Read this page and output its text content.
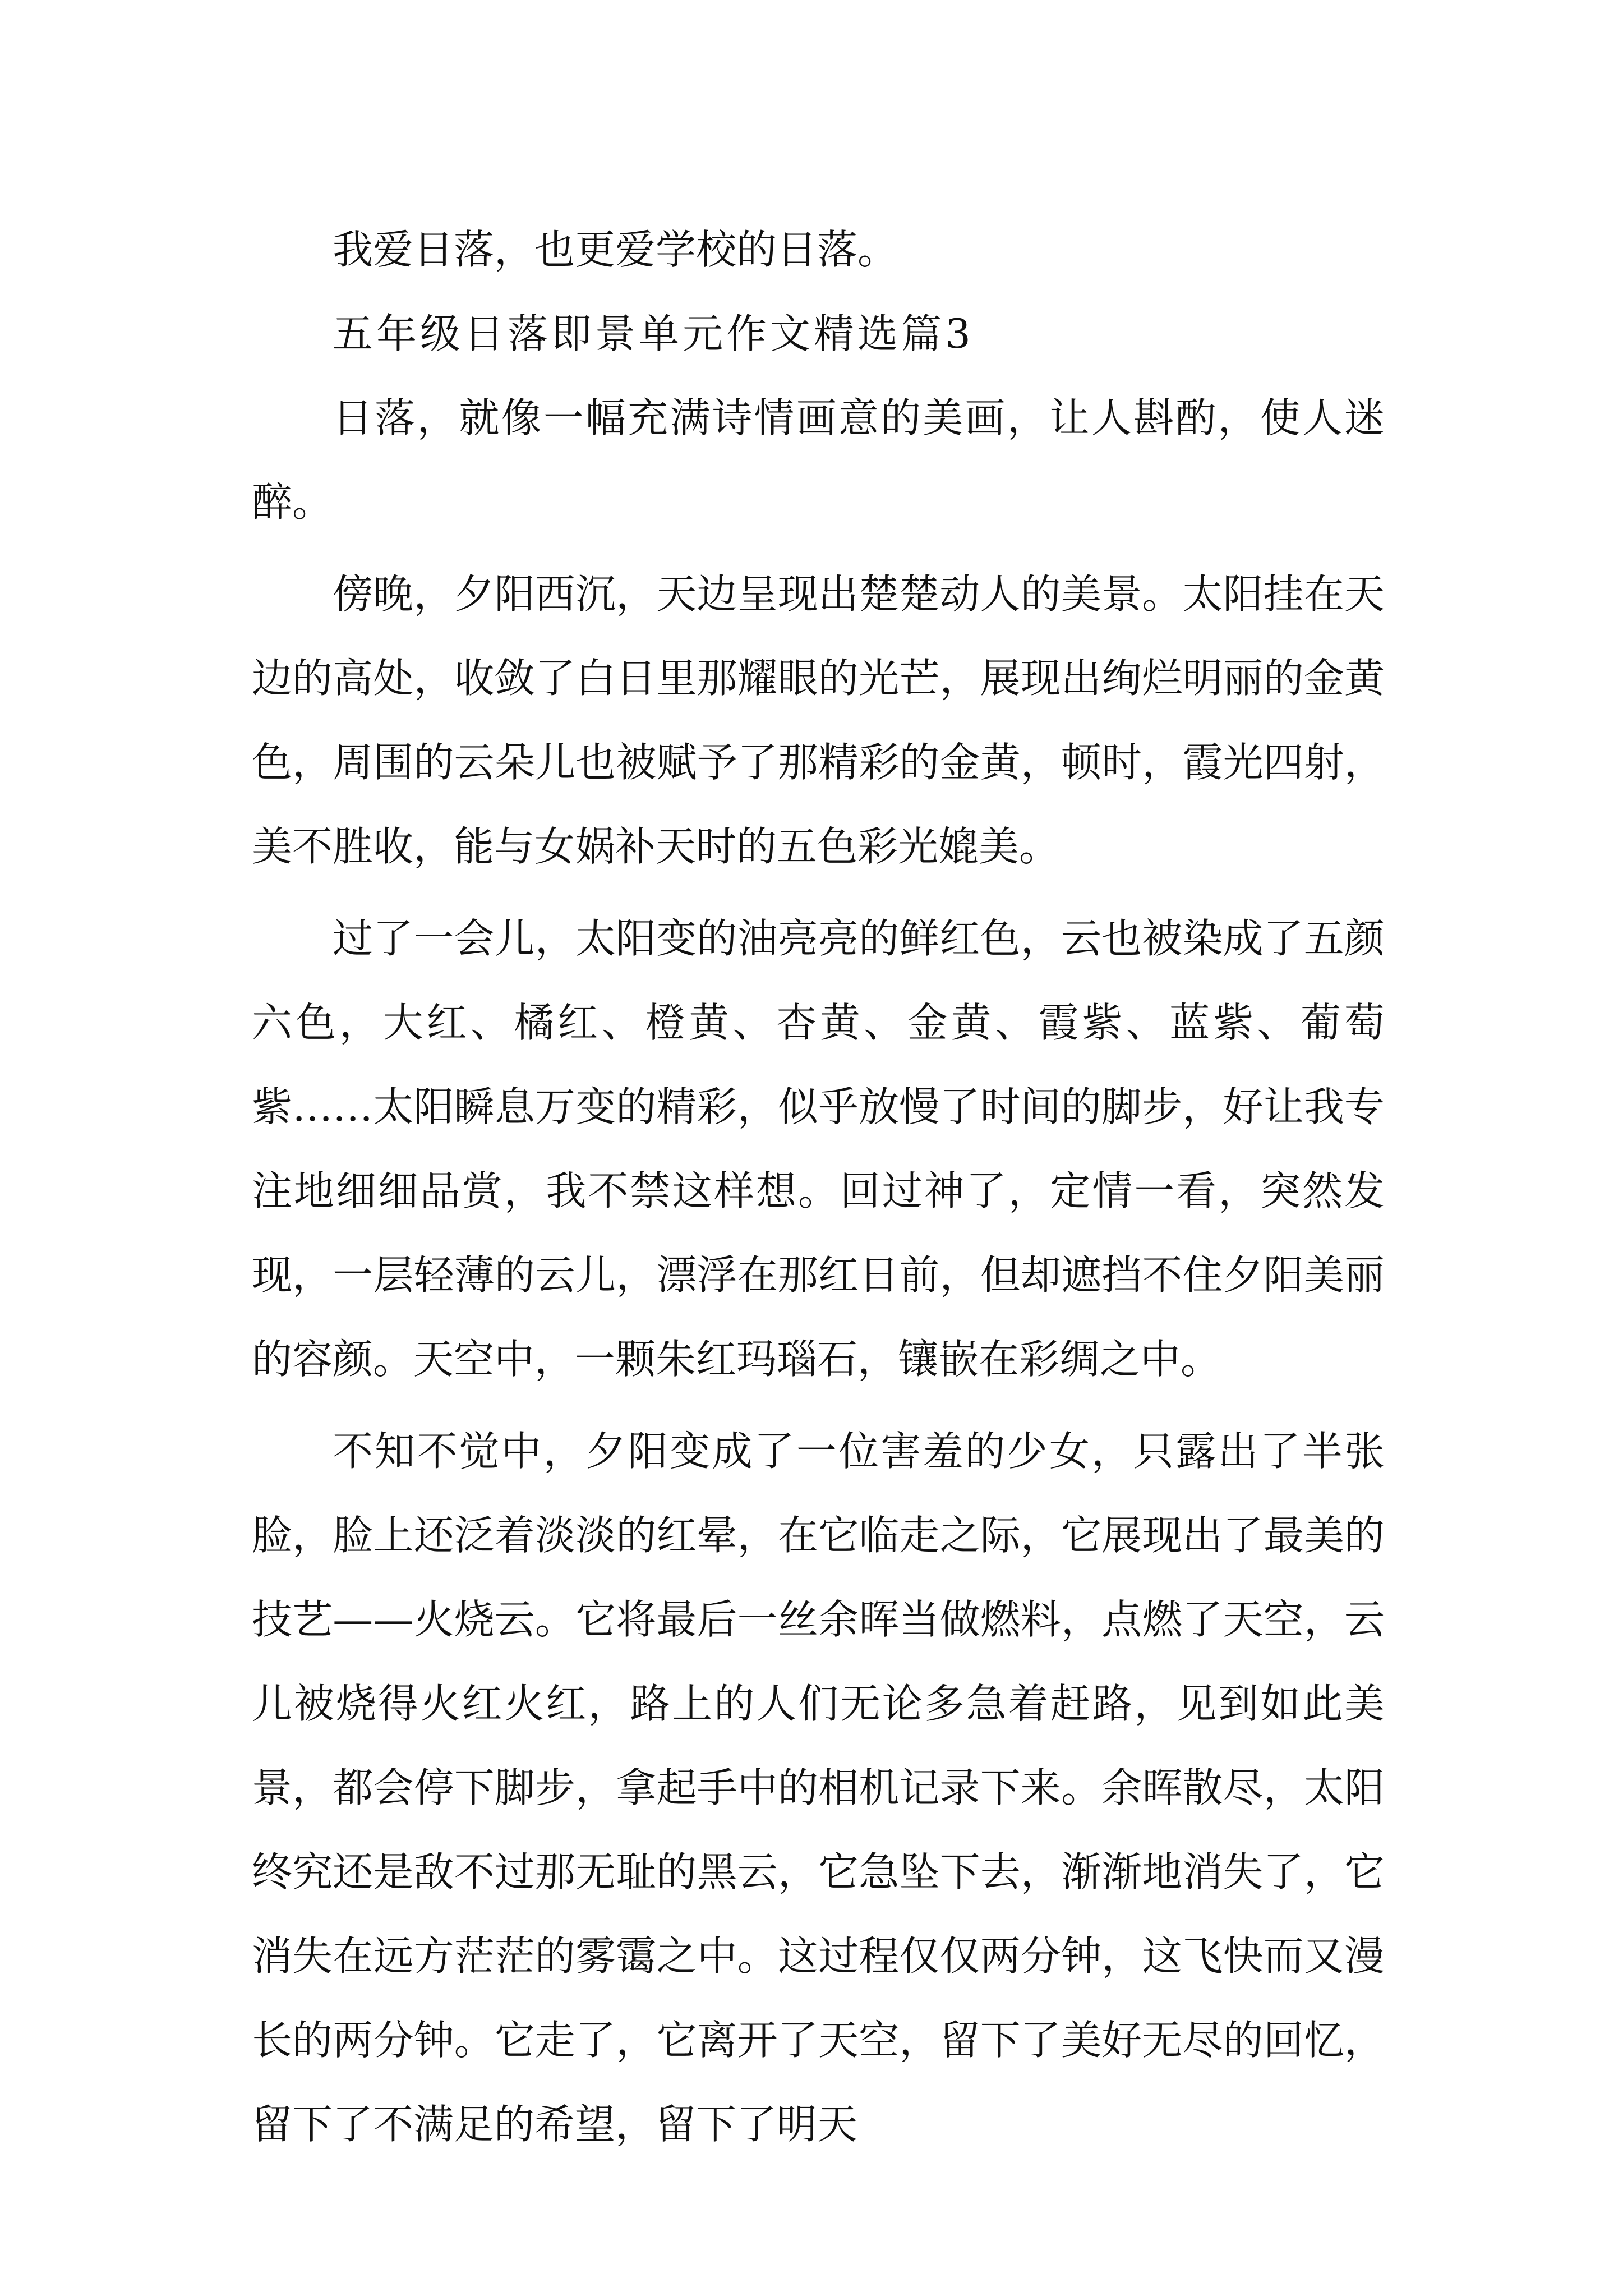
我爱日落，也更爱学校的日落。

五年级日落即景单元作文精选篇3

日落，就像一幅充满诗情画意的美画，让人斟酌，使人迷醉。

傍晚，夕阳西沉，天边呈现出楚楚动人的美景。太阳挂在天边的高处，收敛了白日里那耀眼的光芒，展现出绚烂明丽的金黄色，周围的云朵儿也被赋予了那精彩的金黄，顿时，霞光四射，美不胜收，能与女娲补天时的五色彩光媲美。

过了一会儿，太阳变的油亮亮的鲜红色，云也被染成了五颜六色，大红、橘红、橙黄、杏黄、金黄、霞紫、蓝紫、葡萄紫……太阳瞬息万变的精彩，似乎放慢了时间的脚步，好让我专注地细细品赏，我不禁这样想。回过神了，定情一看，突然发现，一层轻薄的云儿，漂浮在那红日前，但却遮挡不住夕阳美丽的容颜。天空中，一颗朱红玛瑙石，镶嵌在彩绸之中。

不知不觉中，夕阳变成了一位害羞的少女，只露出了半张脸，脸上还泛着淡淡的红晕，在它临走之际，它展现出了最美的技艺——火烧云。它将最后一丝余晖当做燃料，点燃了天空，云儿被烧得火红火红，路上的人们无论多急着赶路，见到如此美景，都会停下脚步，拿起手中的相机记录下来。余晖散尽，太阳终究还是敌不过那无耻的黑云，它急坠下去，渐渐地消失了，它消失在远方茫茫的雾霭之中。这过程仅仅两分钟，这飞快而又漫长的两分钟。它走了，它离开了天空，留下了美好无尽的回忆，留下了不满足的希望，留下了明天
